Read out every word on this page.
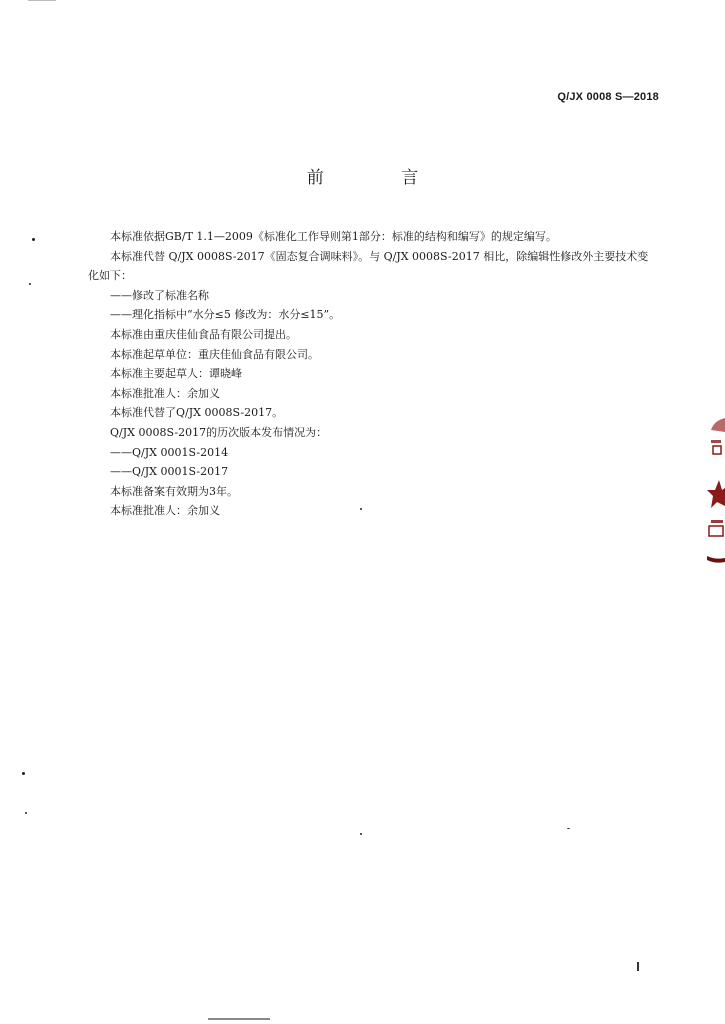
Q/JX 0008 S—2018
前 言
本标准依据GB/T 1.1—2009《标准化工作导则第1部分：标准的结构和编写》的规定编写。
本标准代替 Q/JX 0008S-2017《固态复合调味料》。与 Q/JX 0008S-2017 相比，除编辑性修改外主要技术变化如下：
——修改了标准名称
——理化指标中“水分≤5 修改为：水分≤15”。
本标准由重庆佳仙食品有限公司提出。
本标准起草单位：重庆佳仙食品有限公司。
本标准主要起草人：谭晓峰
本标准批准人：余加义
本标准代替了Q/JX 0008S-2017。
Q/JX 0008S-2017的历次版本发布情况为：
——Q/JX 0001S-2014
——Q/JX 0001S-2017
本标准备案有效期为3年。
本标准批准人：余加义
